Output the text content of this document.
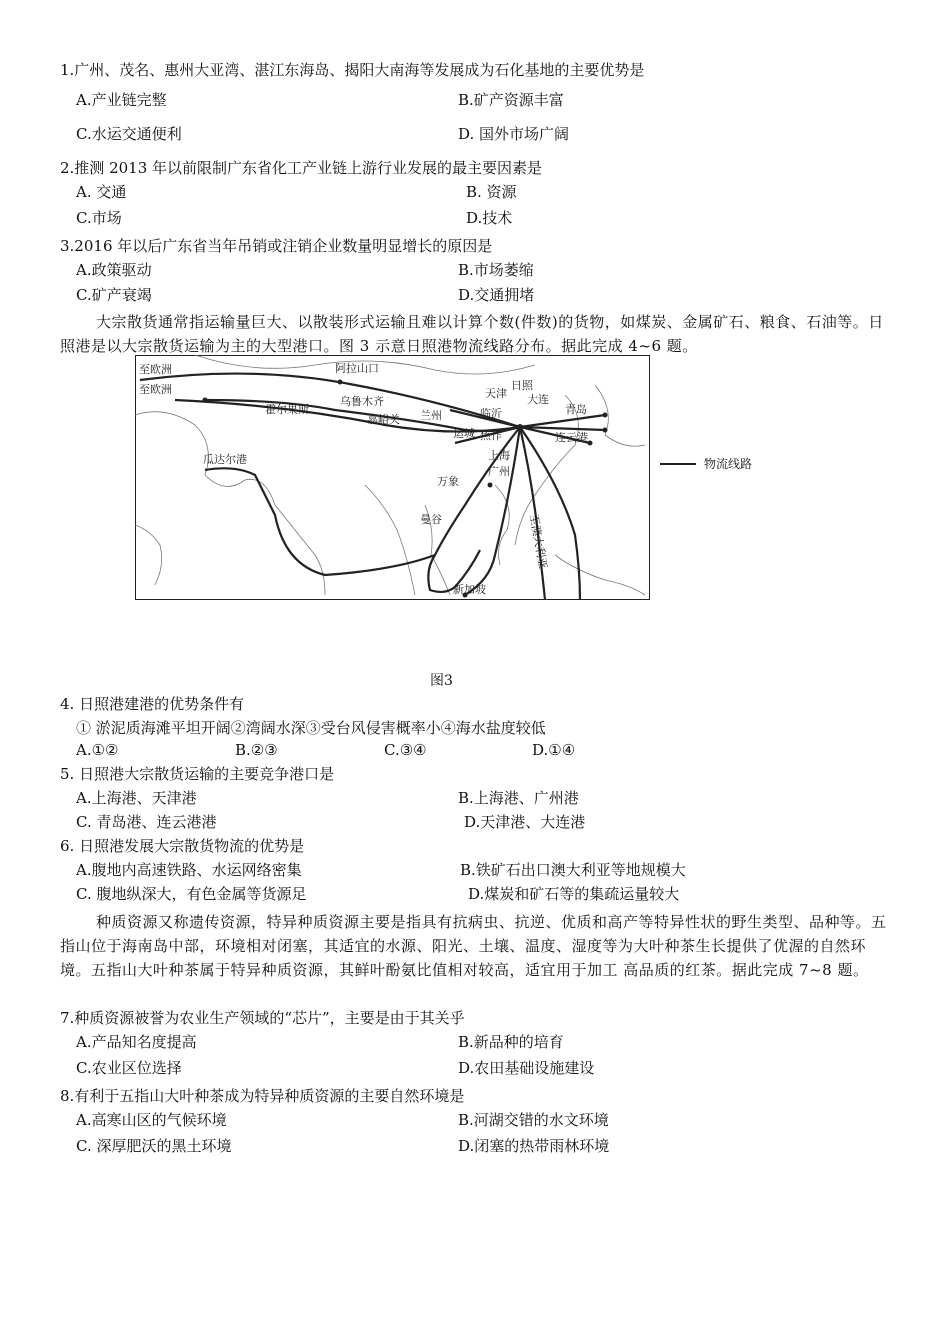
1.广州、茂名、惠州大亚湾、湛江东海岛、揭阳大南海等发展成为石化基地的主要优势是
A.产业链完整	B.矿产资源丰富
C.水运交通便利	D. 国外市场广阔
2.推测 2013 年以前限制广东省化工产业链上游行业发展的最主要因素是
A. 交通	B. 资源
C.市场	D.技术
3.2016 年以后广东省当年吊销或注销企业数量明显增长的原因是
A.政策驱动	B.市场萎缩
C.矿产衰竭	D.交通拥堵
大宗散货通常指运输量巨大、以散装形式运输且难以计算个数(件数)的货物，如煤炭、金属矿石、粮食、石油等。日照港是以大宗散货运输为主的大型港口。图 3 示意日照港物流线路分布。据此完成 4~6 题。
至欧洲
至欧洲
阿拉山口
霍尔果斯
乌鲁木齐
嘉峪关 兰州
天津
日照
大连
青岛
临沂
运城 焦作	连云港
上海
广州
瓜达尔港
万象
曼谷
新加坡
至澳大利亚
物流线路
图3
4. 日照港建港的优势条件有
① 淤泥质海滩平坦开阔②湾阔水深③受台风侵害概率小④海水盐度较低
A.①②	B.②③	C.③④	D.①④
5. 日照港大宗散货运输的主要竞争港口是
A.上海港、天津港	B.上海港、广州港
C. 青岛港、连云港港	D.天津港、大连港
6. 日照港发展大宗散货物流的优势是
A.腹地内高速铁路、水运网络密集	B.铁矿石出口澳大利亚等地规模大
C. 腹地纵深大，有色金属等货源足	D.煤炭和矿石等的集疏运量较大
种质资源又称遗传资源，特异种质资源主要是指具有抗病虫、抗逆、优质和高产等特异性状的野生类型、品种等。五指山位于海南岛中部，环境相对闭塞，其适宜的水源、阳光、土壤、温度、湿度等为大叶种茶生长提供了优渥的自然环境。五指山大叶种茶属于特异种质资源，其鲜叶酚氨比值相对较高，适宜用于加工 高品质的红茶。据此完成 7~8 题。
7.种质资源被誉为农业生产领域的“芯片”，主要是由于其关乎
A.产品知名度提高	B.新品种的培育
C.农业区位选择	D.农田基础设施建设
8.有利于五指山大叶种茶成为特异种质资源的主要自然环境是
A.高寒山区的气候环境	B.河湖交错的水文环境
C. 深厚肥沃的黑土环境	D.闭塞的热带雨林环境
